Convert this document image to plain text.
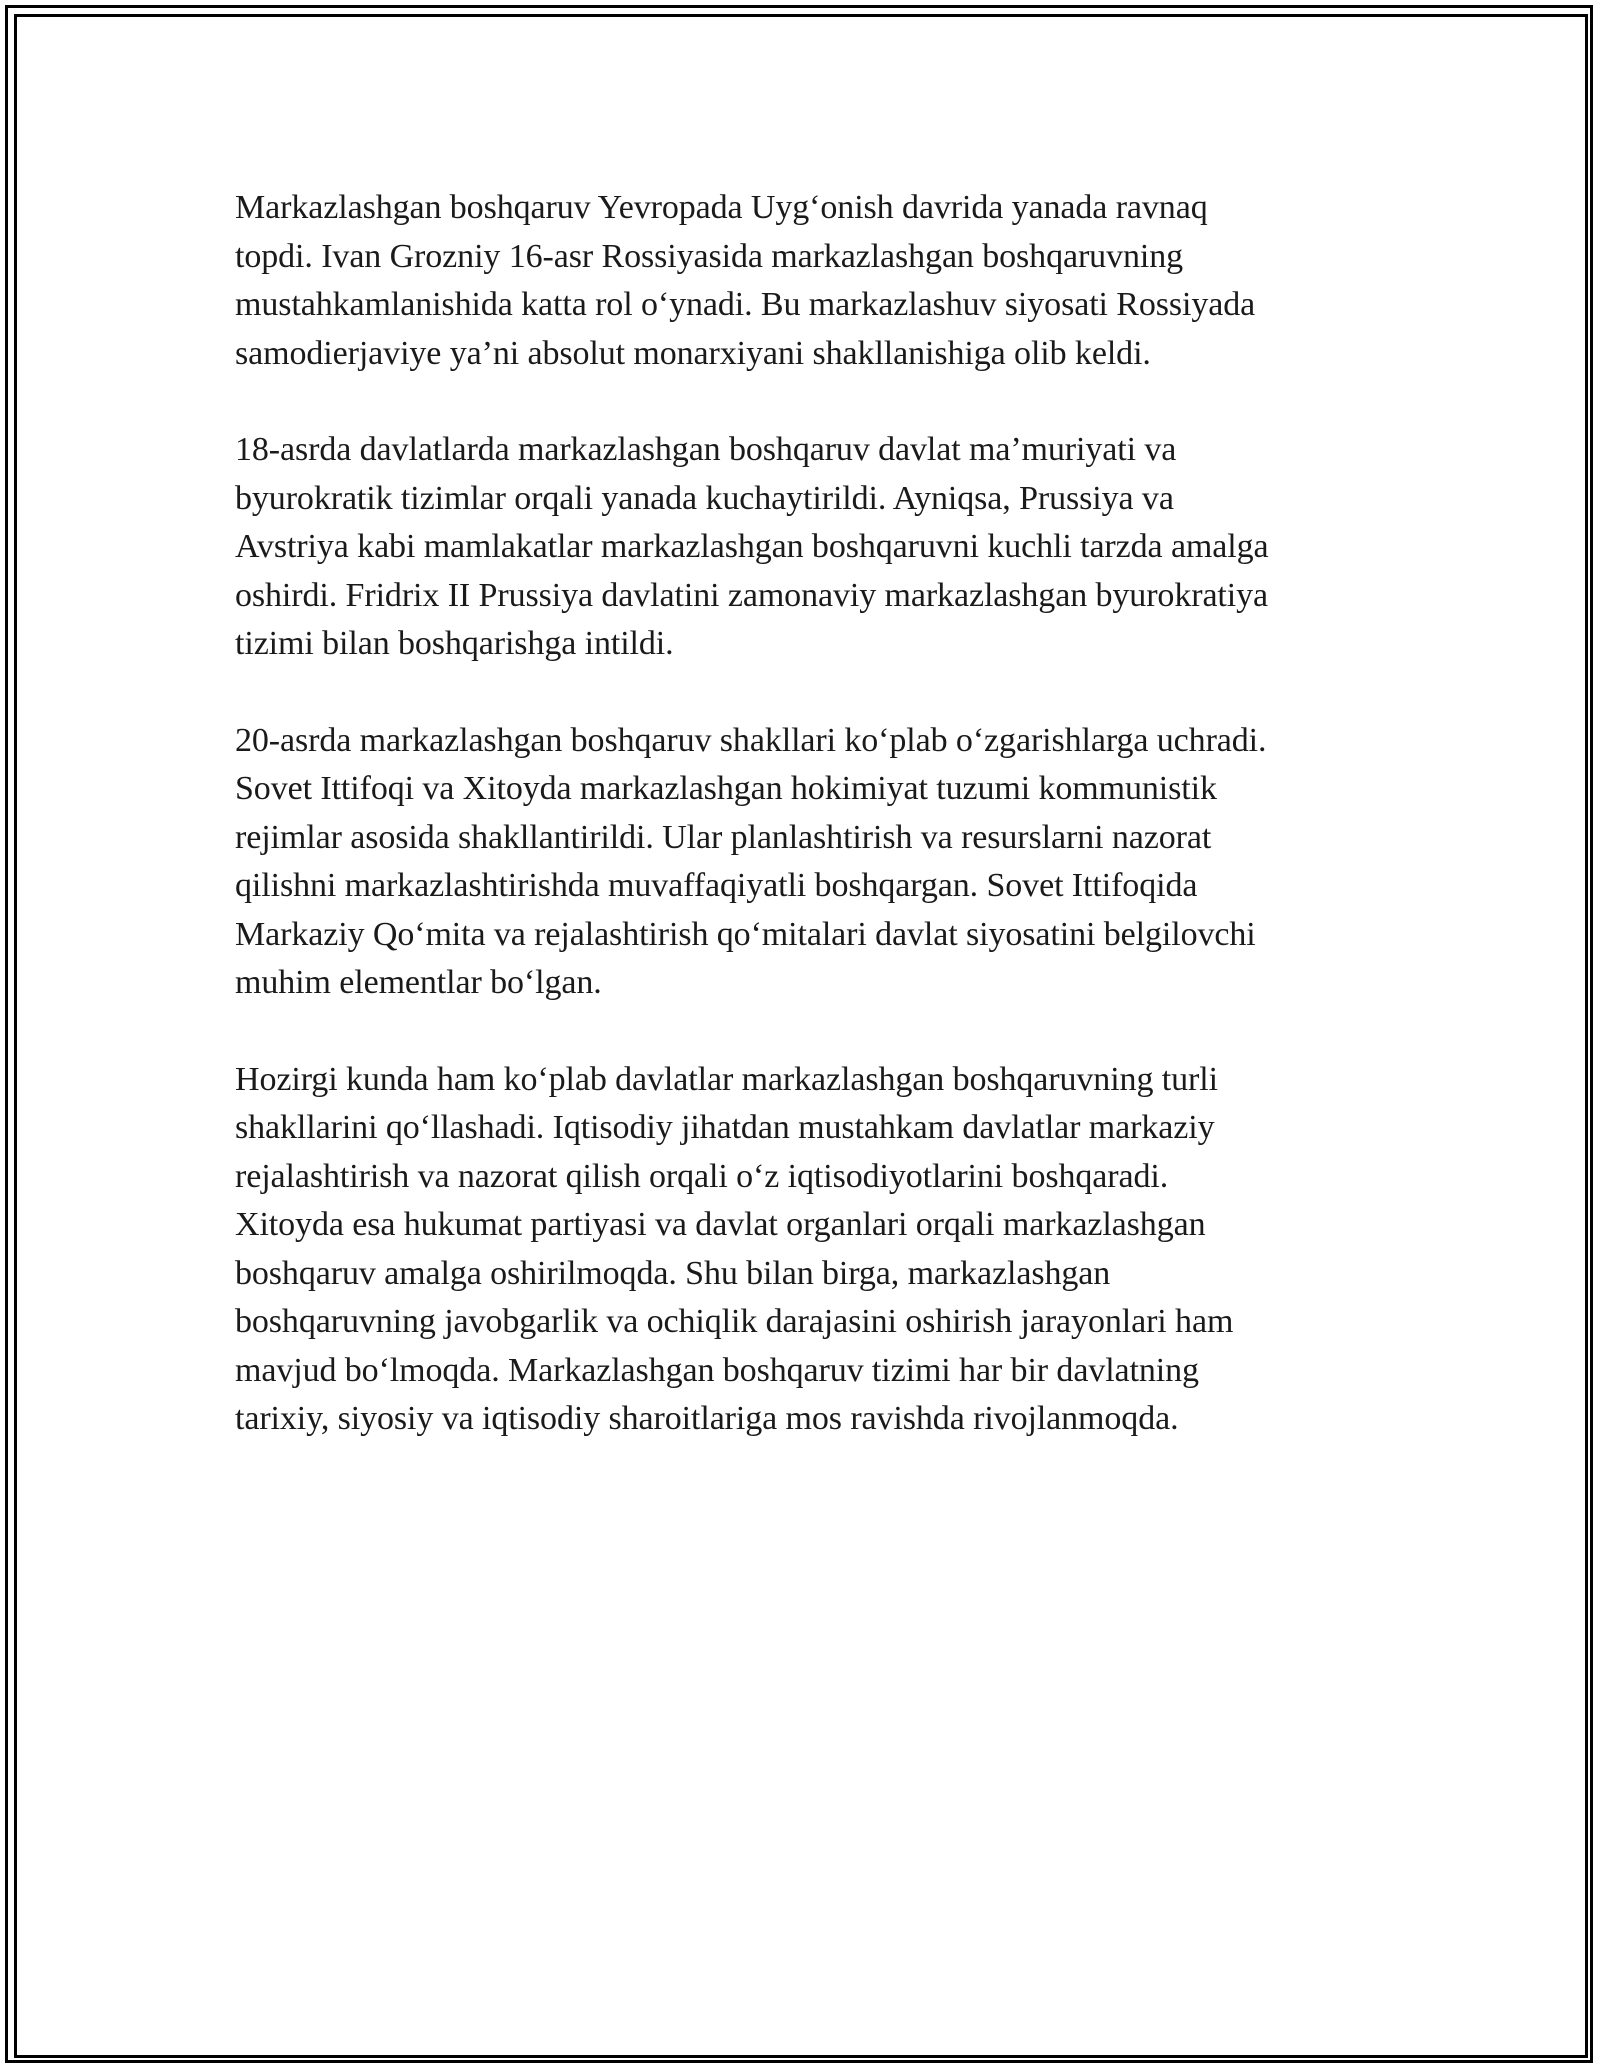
Markazlashgan boshqaruv Yevropada Uyg‘onish davrida yanada ravnaq
topdi. Ivan Grozniy 16-asr Rossiyasida markazlashgan boshqaruvning
mustahkamlanishida katta rol o‘ynadi. Bu markazlashuv siyosati Rossiyada
samodierjaviye ya’ni absolut monarxiyani shakllanishiga olib keldi.

18-asrda davlatlarda markazlashgan boshqaruv davlat ma’muriyati va
byurokratik tizimlar orqali yanada kuchaytirildi. Ayniqsa, Prussiya va
Avstriya kabi mamlakatlar markazlashgan boshqaruvni kuchli tarzda amalga
oshirdi. Fridrix II Prussiya davlatini zamonaviy markazlashgan byurokratiya
tizimi bilan boshqarishga intildi.

20-asrda markazlashgan boshqaruv shakllari ko‘plab o‘zgarishlarga uchradi.
Sovet Ittifoqi va Xitoyda markazlashgan hokimiyat tuzumi kommunistik
rejimlar asosida shakllantirildi. Ular planlashtirish va resurslarni nazorat
qilishni markazlashtirishda muvaffaqiyatli boshqargan. Sovet Ittifoqida
Markaziy Qo‘mita va rejalashtirish qo‘mitalari davlat siyosatini belgilovchi
muhim elementlar bo‘lgan.

Hozirgi kunda ham ko‘plab davlatlar markazlashgan boshqaruvning turli
shakllarini qo‘llashadi. Iqtisodiy jihatdan mustahkam davlatlar markaziy
rejalashtirish va nazorat qilish orqali o‘z iqtisodiyotlarini boshqaradi.
Xitoyda esa hukumat partiyasi va davlat organlari orqali markazlashgan
boshqaruv amalga oshirilmoqda. Shu bilan birga, markazlashgan
boshqaruvning javobgarlik va ochiqlik darajasini oshirish jarayonlari ham
mavjud bo‘lmoqda. Markazlashgan boshqaruv tizimi har bir davlatning
tarixiy, siyosiy va iqtisodiy sharoitlariga mos ravishda rivojlanmoqda.
